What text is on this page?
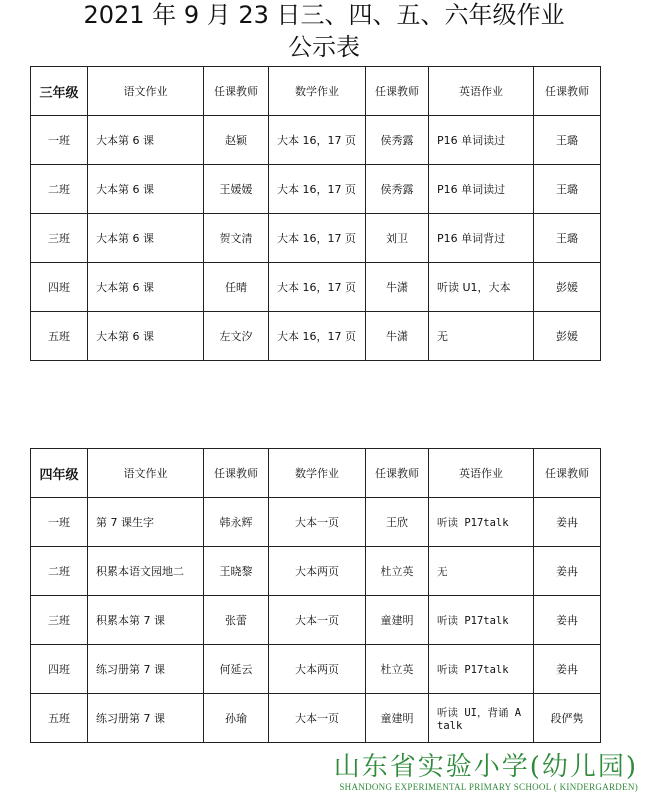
2021 年 9 月 23 日三、四、五、六年级作业
公示表
三年级	语文作业	任课教师	数学作业	任课教师	英语作业	任课教师
一班	大本第 6 课	赵颖	大本 16，17 页	侯秀露	P16 单词读过	王璐
二班	大本第 6 课	王媛媛	大本 16，17 页	侯秀露	P16 单词读过	王璐
三班	大本第 6 课	贺文清	大本 16，17 页	刘卫	P16 单词背过	王璐
四班	大本第 6 课	任晴	大本 16，17 页	牛潇	听读 U1，大本	彭媛
五班	大本第 6 课	左文汐	大本 16，17 页	牛潇	无	彭媛
四年级	语文作业	任课教师	数学作业	任课教师	英语作业	任课教师
一班	第 7 课生字	韩永辉	大本一页	王欣	听读 P17talk	姜冉
二班	积累本语文园地二	王晓黎	大本两页	杜立英	无	姜冉
三班	积累本第 7 课	张蕾	大本一页	童建明	听读 P17talk	姜冉
四班	练习册第 7 课	何延云	大本两页	杜立英	听读 P17talk	姜冉
五班	练习册第 7 课	孙瑜	大本一页	童建明	听读 UI，背诵 A talk	段俨隽
山东省实验小学(幼儿园)
SHANDONG EXPERIMENTAL PRIMARY SCHOOL ( KINDERGARDEN)
